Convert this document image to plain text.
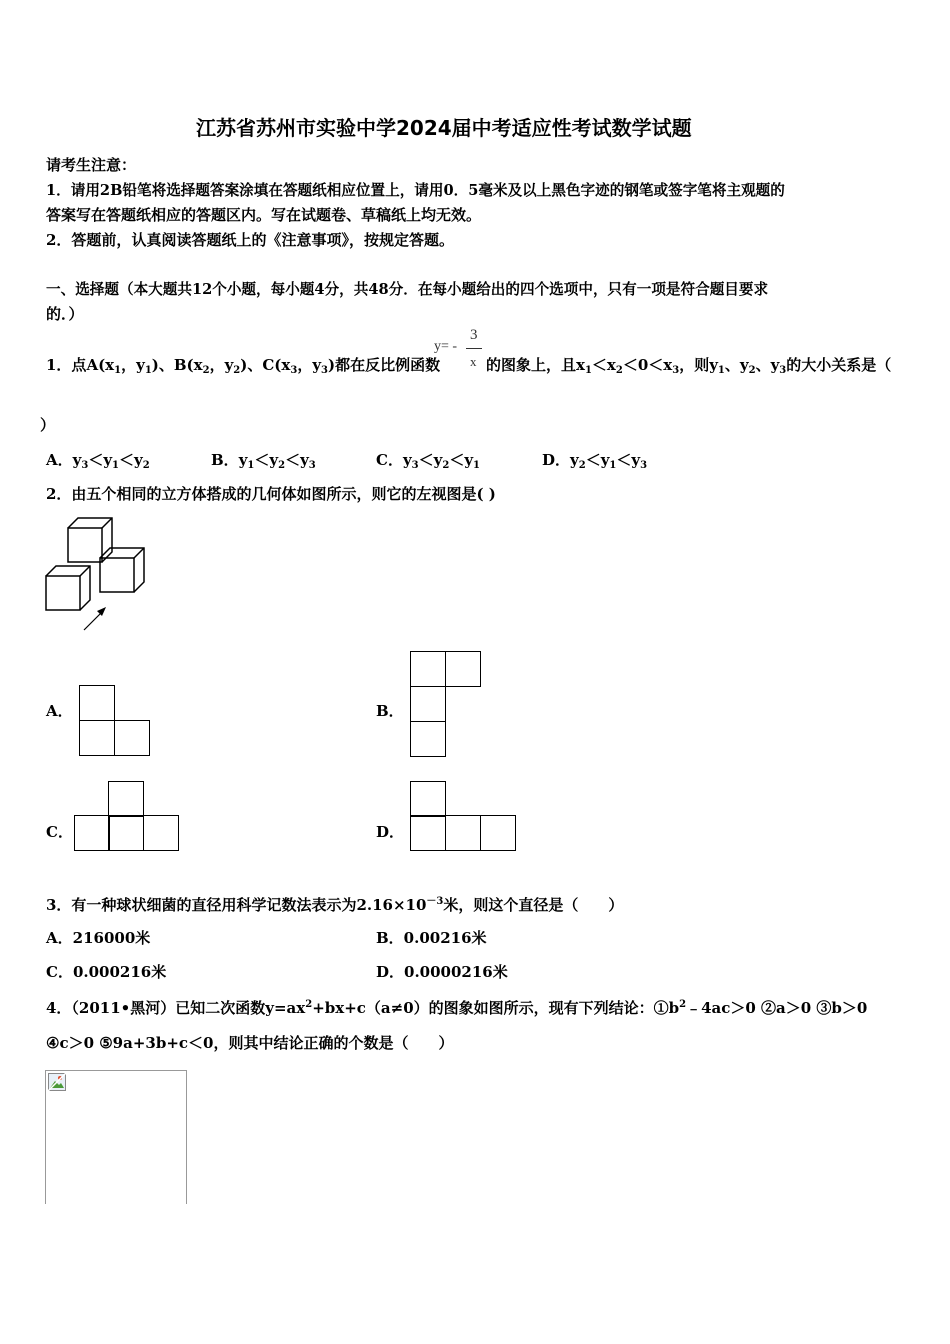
江苏省苏州市实验中学2024届中考适应性考试数学试题
请考生注意：
1．请用2B铅笔将选择题答案涂填在答题纸相应位置上，请用0．5毫米及以上黑色字迹的钢笔或签字笔将主观题的
答案写在答题纸相应的答题区内。写在试题卷、草稿纸上均无效。
2．答题前，认真阅读答题纸上的《注意事项》，按规定答题。
一、选择题（本大题共12个小题，每小题4分，共48分．在每小题给出的四个选项中，只有一项是符合题目要求
的．）
1．点$A(x_1$，$y_1$)、$B(x_2$，$y_2$)、$C(x_3$，$y_3$)都在反比例函数
y= -
3
x 的图象上，且$x_1<x_2<0<x_3$，则$y_1$、$y_2$、$y_3$的大小关系是（
）
A．$y_3<y_1<y_2$	B．$y_1<y_2<y_3$	C．$y_3<y_2<y_1$	D．$y_2<y_1<y_3$
2．由五个相同的立方体搭成的几何体如图所示，则它的左视图是( )
A．	B．
C．	D．
3．有一种球状细菌的直径用科学记数法表示为$2.16\times 10^{-3}$米，则这个直径是（　　）
A．216000米	B．0.00216米
C．0.000216米	D．0.0000216米
4．（2011•黑河）已知二次函数$y=ax^2+bx+c(a\ne 0)$的图象如图所示，现有下列结论：$①b^2﹣4ac>0$ ②a＞0 ③b＞0
④c＞0 ⑤9a+3b+c＜0，则其中结论正确的个数是（　　）
